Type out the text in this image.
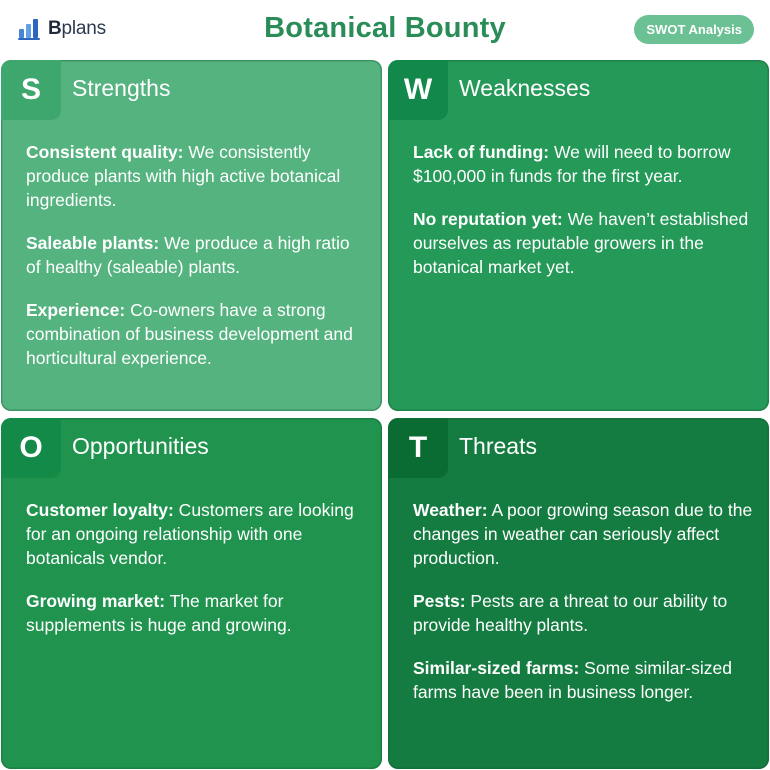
Bplans	Botanical Bounty	SWOT Analysis
S	Strengths

Consistent quality: We consistently produce plants with high active botanical ingredients.

Saleable plants: We produce a high ratio of healthy (saleable) plants.

Experience: Co-owners have a strong combination of business development and horticultural experience.

W	Weaknesses

Lack of funding: We will need to borrow $100,000 in funds for the first year.

No reputation yet: We haven’t established ourselves as reputable growers in the botanical market yet.

O	Opportunities

Customer loyalty: Customers are looking for an ongoing relationship with one botanicals vendor.

Growing market: The market for supplements is huge and growing.

T	Threats

Weather: A poor growing season due to the changes in weather can seriously affect production.

Pests: Pests are a threat to our ability to provide healthy plants.

Similar-sized farms: Some similar-sized farms have been in business longer.
